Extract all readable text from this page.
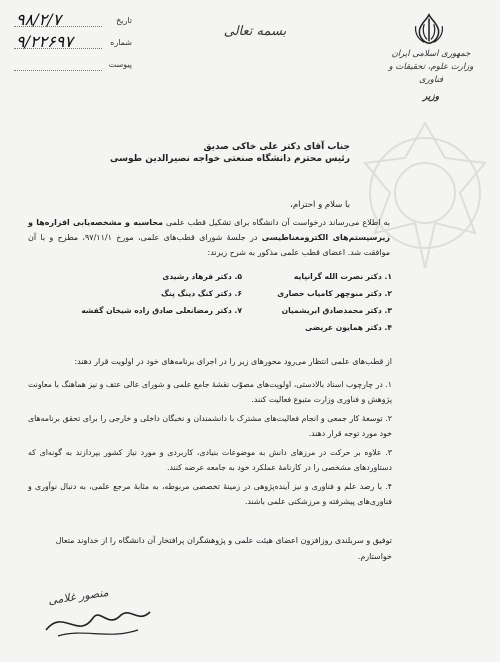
جمهوری اسلامی ایران
وزارت علوم، تحقیقات و فناوری
وزیر
بسمه تعالی
تاریخ
۹۸/۲/۷
شماره
۹/۲۲۶۹۷
پیوست
جناب آقای دکتر علی خاکی صدیق
رئیس محترم دانشگاه صنعتی خواجه نصیرالدین طوسی
با سلام و احترام،
به اطلاع می‌رساند درخواست آن دانشگاه برای تشکیل قطب علمی محاسبه و مشخصه‌یابی افزاره‌ها و زیرسیستم‌های الکترومغناطیسی در جلسهٔ شورای قطب‌های علمی، مورخ ۹۷/۱۱/۱، مطرح و با آن موافقت شد. اعضای قطب علمی مذکور به شرح زیرند:
۱. دکتر نصرت الله گرانپایه
۲. دکتر منوچهر کامیاب حصاری
۳. دکتر محمدصادق ابریشمیان
۴. دکتر همایون عریضی
۵. دکتر فرهاد رشیدی
۶. دکتر کنگ دینگ پنگ
۷. دکتر رمضانعلی صادق زاده شیخان گفشه
از قطب‌های علمی انتظار می‌رود محورهای زیر را در اجرای برنامه‌های خود در اولویت قرار دهند:
۱. در چارچوب اسناد بالادستی، اولویت‌های مصوّب نقشهٔ جامع علمی و شورای عالی عتف و نیز هماهنگ با معاونت پژوهش و فناوری وزارت متبوع فعالیت کنند.
۲. توسعهٔ کار جمعی و انجام فعالیت‌های مشترک با دانشمندان و نخبگان داخلی و خارجی را برای تحقق برنامه‌های خود مورد توجه قرار دهند.
۳. علاوه بر حرکت در مرزهای دانش به موضوعات بنیادی، کاربردی و مورد نیاز کشور بپردازند به گونه‌ای که دستاوردهای مشخصی را در کارنامهٔ عملکرد خود به جامعه عرضه کنند.
۴. با رصد علم و فناوری و نیز آینده‌پژوهی در زمینهٔ تخصصی مربوطه، به مثابهٔ مرجع علمی، به دنبال نوآوری و فناوری‌های پیشرفته و مرزشکنی علمی باشند.
توفیق و سربلندی روزافزون اعضای هیئت علمی و پژوهشگران پرافتخار آن دانشگاه را از خداوند متعال خواستارم.
منصور غلامی
